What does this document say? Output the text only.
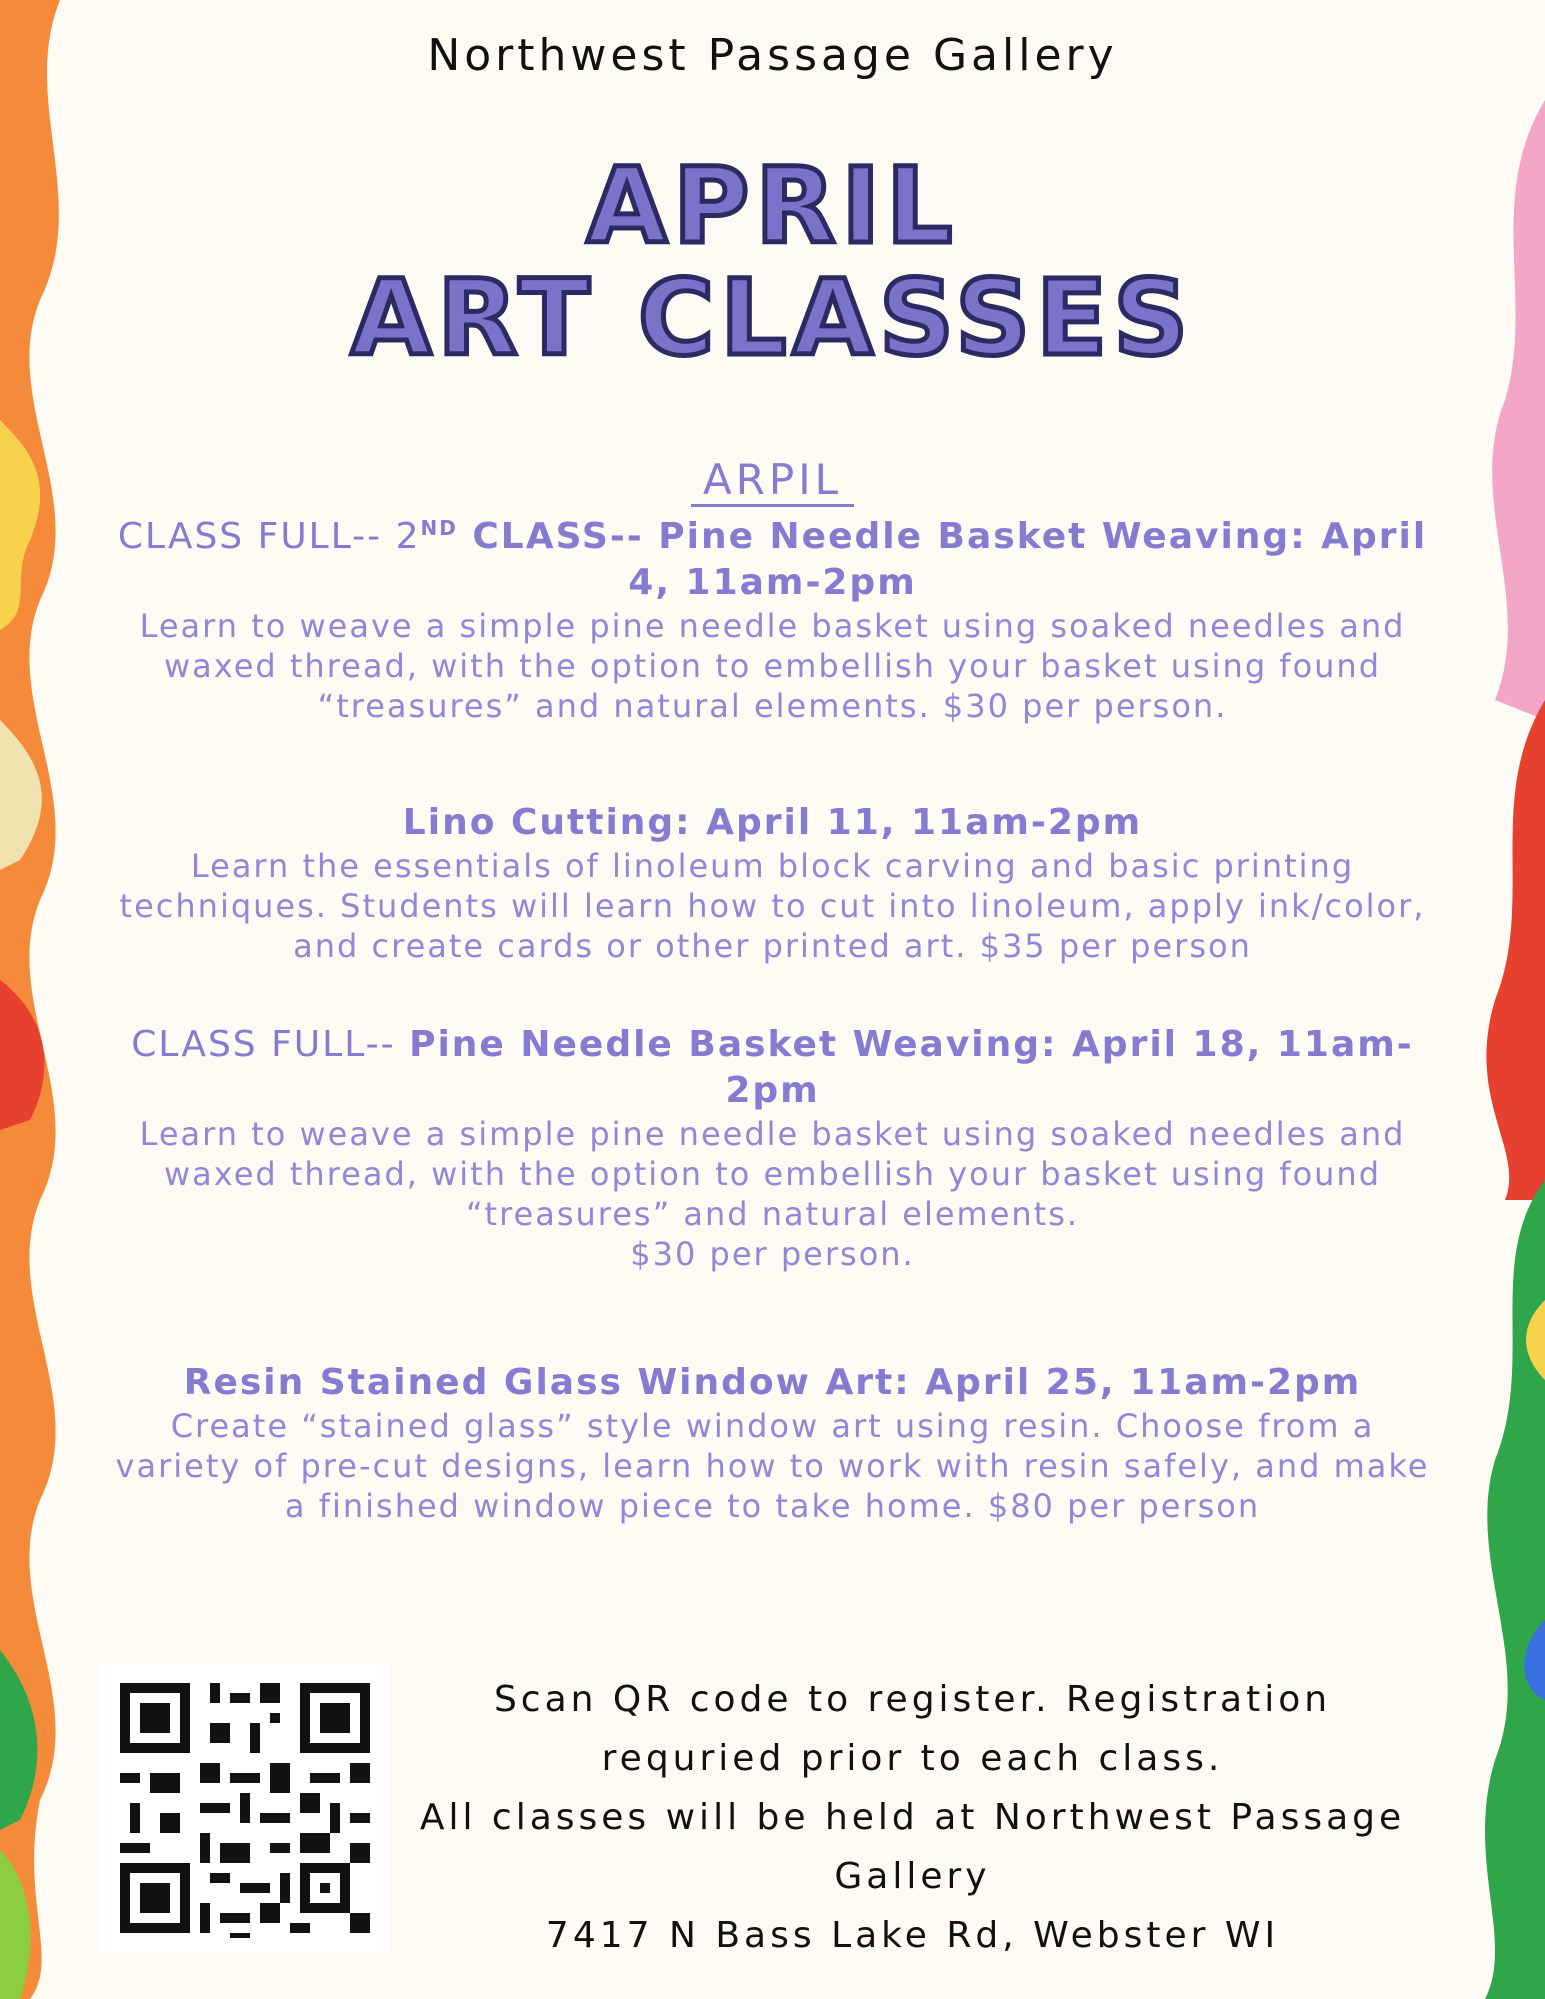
Northwest Passage Gallery
APRIL
ART CLASSES
ARPIL
CLASS FULL-- 2ND CLASS-- Pine Needle Basket Weaving: April 4, 11am-2pm
Learn to weave a simple pine needle basket using soaked needles and waxed thread, with the option to embellish your basket using found “treasures” and natural elements. $30 per person.
Lino Cutting: April 11, 11am-2pm
Learn the essentials of linoleum block carving and basic printing techniques. Students will learn how to cut into linoleum, apply ink/color, and create cards or other printed art. $35 per person
CLASS FULL-- Pine Needle Basket Weaving: April 18, 11am-2pm
Learn to weave a simple pine needle basket using soaked needles and waxed thread, with the option to embellish your basket using found “treasures” and natural elements.
$30 per person.
Resin Stained Glass Window Art: April 25, 11am-2pm
Create “stained glass” style window art using resin. Choose from a variety of pre-cut designs, learn how to work with resin safely, and make a finished window piece to take home. $80 per person
Scan QR code to register. Registration requried prior to each class.
All classes will be held at Northwest Passage Gallery
7417 N Bass Lake Rd, Webster WI
